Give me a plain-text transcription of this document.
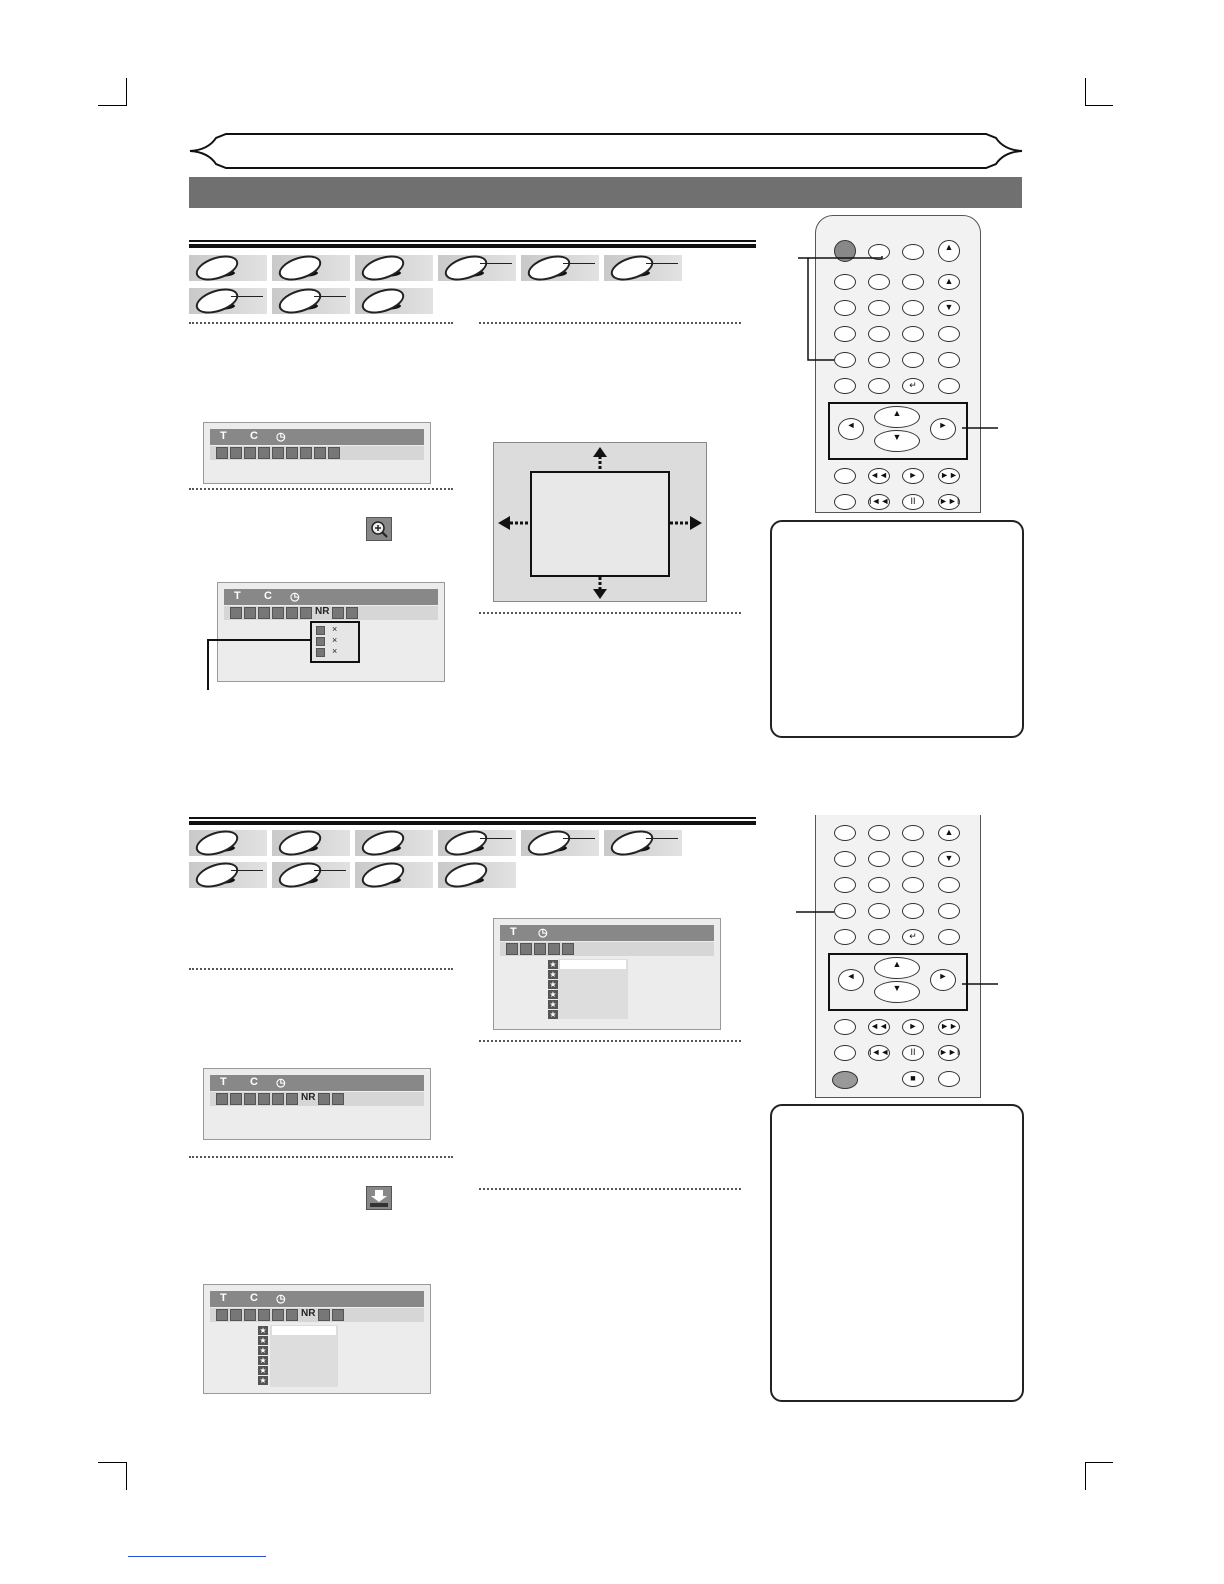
T C ◷
T C ◷
NR
×
×
×
▲
▲
▼
↵
▲
▼
◄	►
◄◄	►	►►
I◄◄	II	►►I
T ◷
★
★
★
★
★
★
T C ◷
NR
T C ◷
NR
★
★
★
★
★
★
▲
▼
↵
▲
▼
◄	►
◄◄	►	►►
I◄◄	II	►►I
■
